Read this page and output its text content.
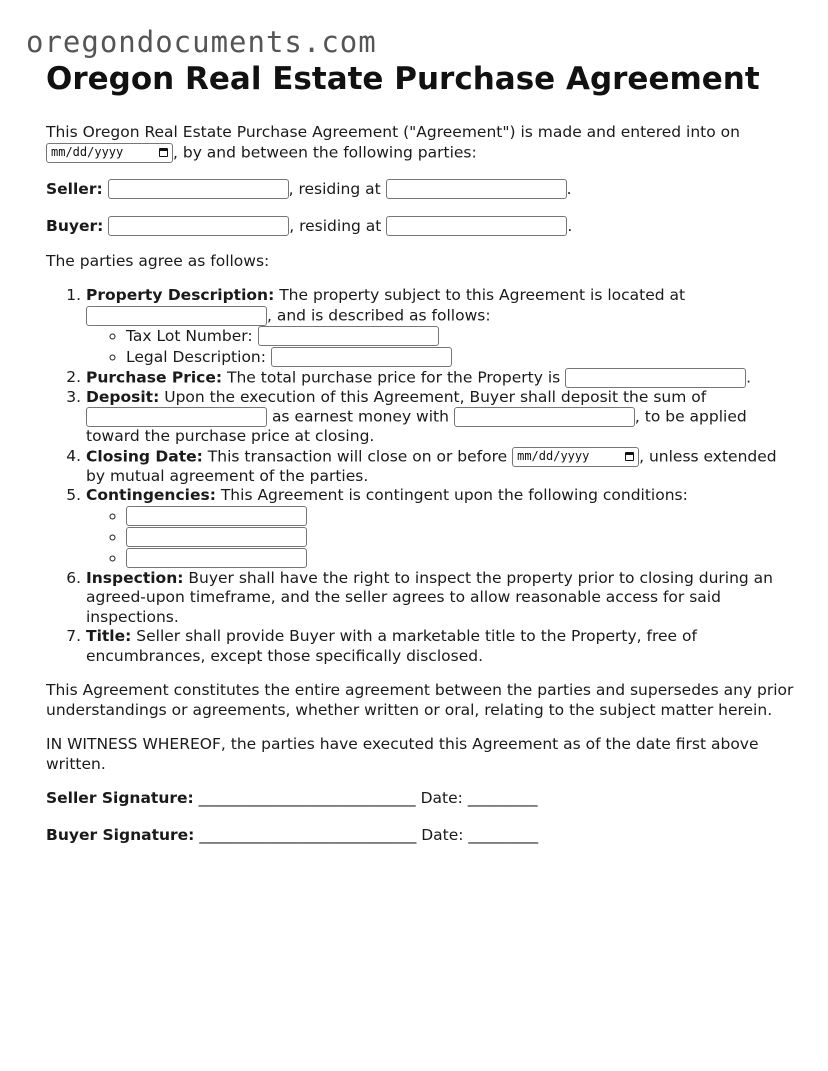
oregondocuments.com
Oregon Real Estate Purchase Agreement

This Oregon Real Estate Purchase Agreement ("Agreement") is made and entered into on
mm/dd/yyyy	, by and between the following parties:

Seller:	, residing at	.

Buyer:	, residing at	.

The parties agree as follows:

1. Property Description: The property subject to this Agreement is located at
, and is described as follows:
◦ Tax Lot Number:
◦ Legal Description:
2. Purchase Price: The total purchase price for the Property is	.
3. Deposit: Upon the execution of this Agreement, Buyer shall deposit the sum of
as earnest money with	, to be applied toward the purchase price at closing.
4. Closing Date: This transaction will close on or before mm/dd/yyyy	, unless extended by mutual agreement of the parties.
5. Contingencies: This Agreement is contingent upon the following conditions:
◦
◦
◦
6. Inspection: Buyer shall have the right to inspect the property prior to closing during an agreed-upon timeframe, and the seller agrees to allow reasonable access for said inspections.
7. Title: Seller shall provide Buyer with a marketable title to the Property, free of encumbrances, except those specifically disclosed.

This Agreement constitutes the entire agreement between the parties and supersedes any prior understandings or agreements, whether written or oral, relating to the subject matter herein.

IN WITNESS WHEREOF, the parties have executed this Agreement as of the date first above written.

Seller Signature: ____________________________ Date: _________

Buyer Signature: ____________________________ Date: _________
